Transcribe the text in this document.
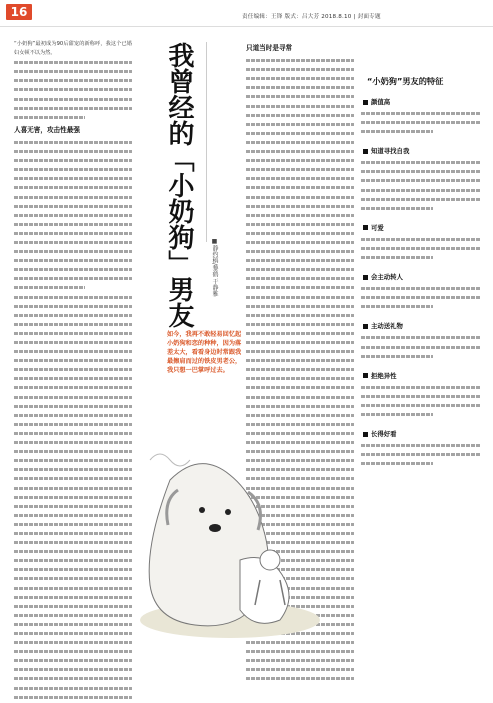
16	责任编辑：王锋 版式：吕大芳 2018.8.10 | 封面专题
“小奶狗”最初成为90后甜宠的新称呼，我这个已婚妇女顿不以为然。
人喜无害，攻击性最强	我曾经的「小奶狗」男友	■静约稿/黎鹤 于静雅
如今，我再不敢轻易回忆起小奶狗和恋的种种，因为落差太大，看看身边时常跟我最擦肩而过的铁皮男老公，我只想一巴掌呼过去。
只道当时是寻常
“小奶狗”男友的特征
颜值高
知道寻找自我
可爱
会主动转人
主动送礼物
拒绝异性
长得好看
